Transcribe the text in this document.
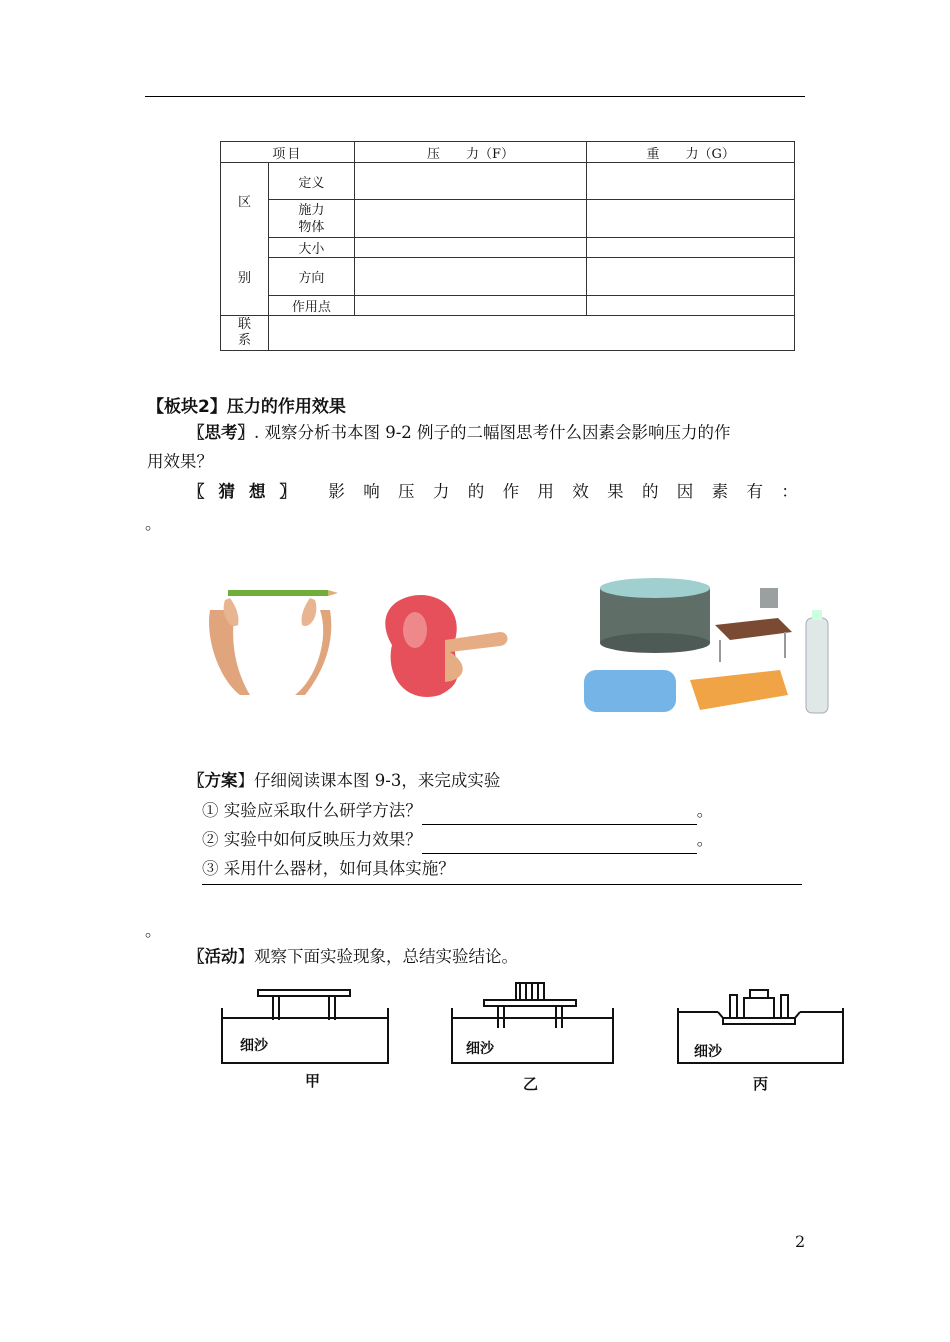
项目		压　　力（F）	重　　力（G）
区	定义		

	施力
物体		

别	大小		
	方向		
	作用点		

联
系			

【板块2】压力的作用效果
〖思考〗. 观察分析书本图 9-2 例子的二幅图思考什么因素会影响压力的作
用效果？
〖猜想〗 影 响 压 力 的 作 用 效 果 的 因 素 有 ：
。
〖方案】仔细阅读课本图 9-3，来完成实验
① 实验应采取什么研学方法？	。
② 实验中如何反映压力效果？	。
③ 采用什么器材，如何具体实施？
。
〖活动】观察下面实验现象，总结实验结论。
细沙	细沙	细沙
甲	乙	丙
2
